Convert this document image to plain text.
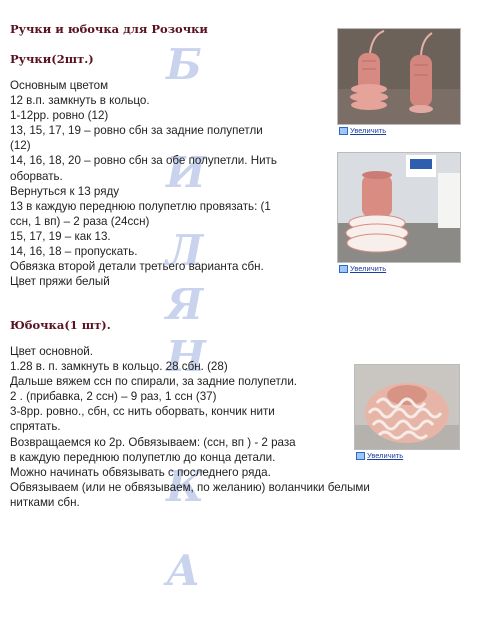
Б
И
Л
Я
Н
К
А
Ручки и юбочка для Розочки
Ручки(2шт.)

Основным цветом

12 в.п. замкнуть в кольцо.

1-12рр. ровно (12)

13, 15, 17, 19 – ровно сбн за задние полупетли

(12)

14, 16, 18, 20 – ровно сбн за обе полупетли. Нить

оборвать.

Вернуться к 13 ряду

13 в каждую переднюю полупетлю провязать: (1

ссн, 1 вп) – 2 раза (24ссн)

15, 17, 19 – как 13.

14, 16, 18 – пропускать.

Обвязка второй детали третьего варианта сбн.

Цвет пряжи белый

Юбочка(1 шт).

Цвет основной.

1.28 в. п. замкнуть в кольцо. 28 сбн. (28)

Дальше вяжем ссн по спирали, за задние полупетли.

2 . (прибавка, 2 ссн) – 9 раз, 1 ссн (37)

3-8рр. ровно., сбн, сс нить оборвать, кончик нити

спрятать.

Возвращаемся ко 2р. Обвязываем: (ссн, вп ) - 2 раза

в каждую переднюю полупетлю до конца детали.

Можно начинать обвязывать с последнего ряда.

Обвязываем (или не обвязываем, по желанию) воланчики белыми

нитками сбн.

Увеличить
Увеличить
Увеличить
